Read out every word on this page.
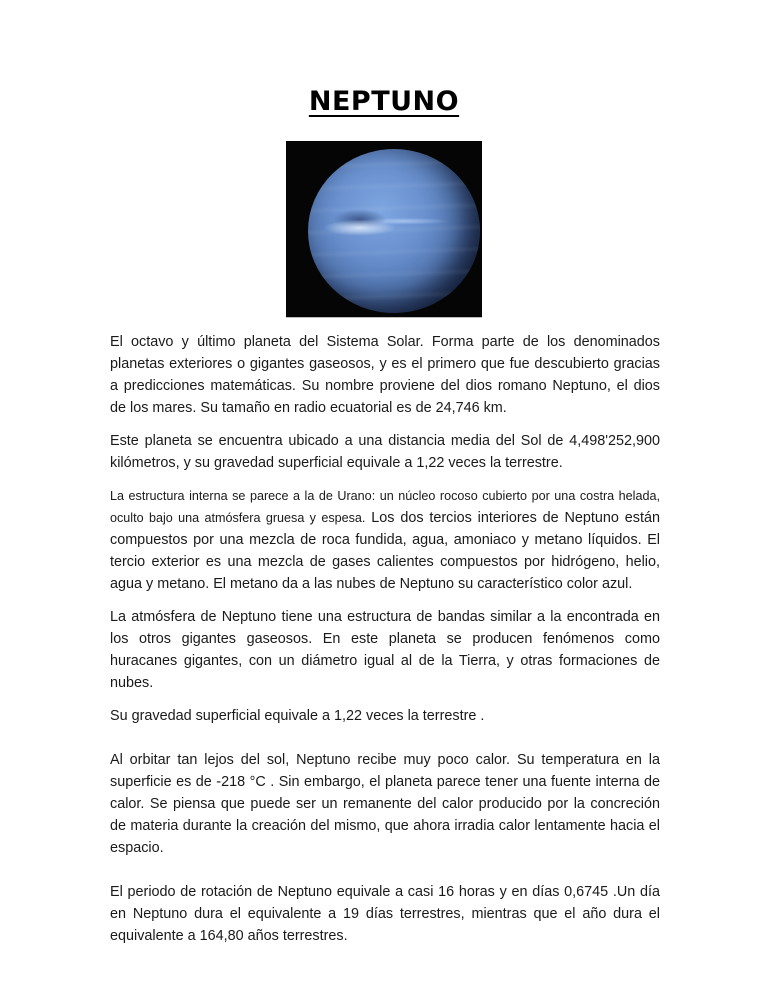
NEPTUNO

El octavo y último planeta del Sistema Solar. Forma parte de los denominados planetas exteriores o gigantes gaseosos, y es el primero que fue descubierto gracias a predicciones matemáticas. Su nombre proviene del dios romano Neptuno, el dios de los mares. Su tamaño en radio ecuatorial es de 24,746 km.

Este planeta se encuentra ubicado a una distancia media del Sol de 4,498'252,900 kilómetros, y su gravedad superficial equivale a 1,22 veces la terrestre.

La estructura interna se parece a la de Urano: un núcleo rocoso cubierto por una costra helada, oculto bajo una atmósfera gruesa y espesa. Los dos tercios interiores de Neptuno están compuestos por una mezcla de roca fundida, agua, amoniaco y metano líquidos. El tercio exterior es una mezcla de gases calientes compuestos por hidrógeno, helio, agua y metano. El metano da a las nubes de Neptuno su característico color azul.

La atmósfera de Neptuno tiene una estructura de bandas similar a la encontrada en los otros gigantes gaseosos. En este planeta se producen fenómenos como huracanes gigantes, con un diámetro igual al de la Tierra, y otras formaciones de nubes.

Su gravedad superficial equivale a 1,22 veces la terrestre .

Al orbitar tan lejos del sol, Neptuno recibe muy poco calor. Su temperatura en la superficie es de -218 °C . Sin embargo, el planeta parece tener una fuente interna de calor. Se piensa que puede ser un remanente del calor producido por la concreción de materia durante la creación del mismo, que ahora irradia calor lentamente hacia el espacio.

El periodo de rotación de Neptuno equivale a casi 16 horas y en días 0,6745 .Un día en Neptuno dura el equivalente a 19 días terrestres, mientras que el año dura el equivalente a 164,80 años terrestres.
